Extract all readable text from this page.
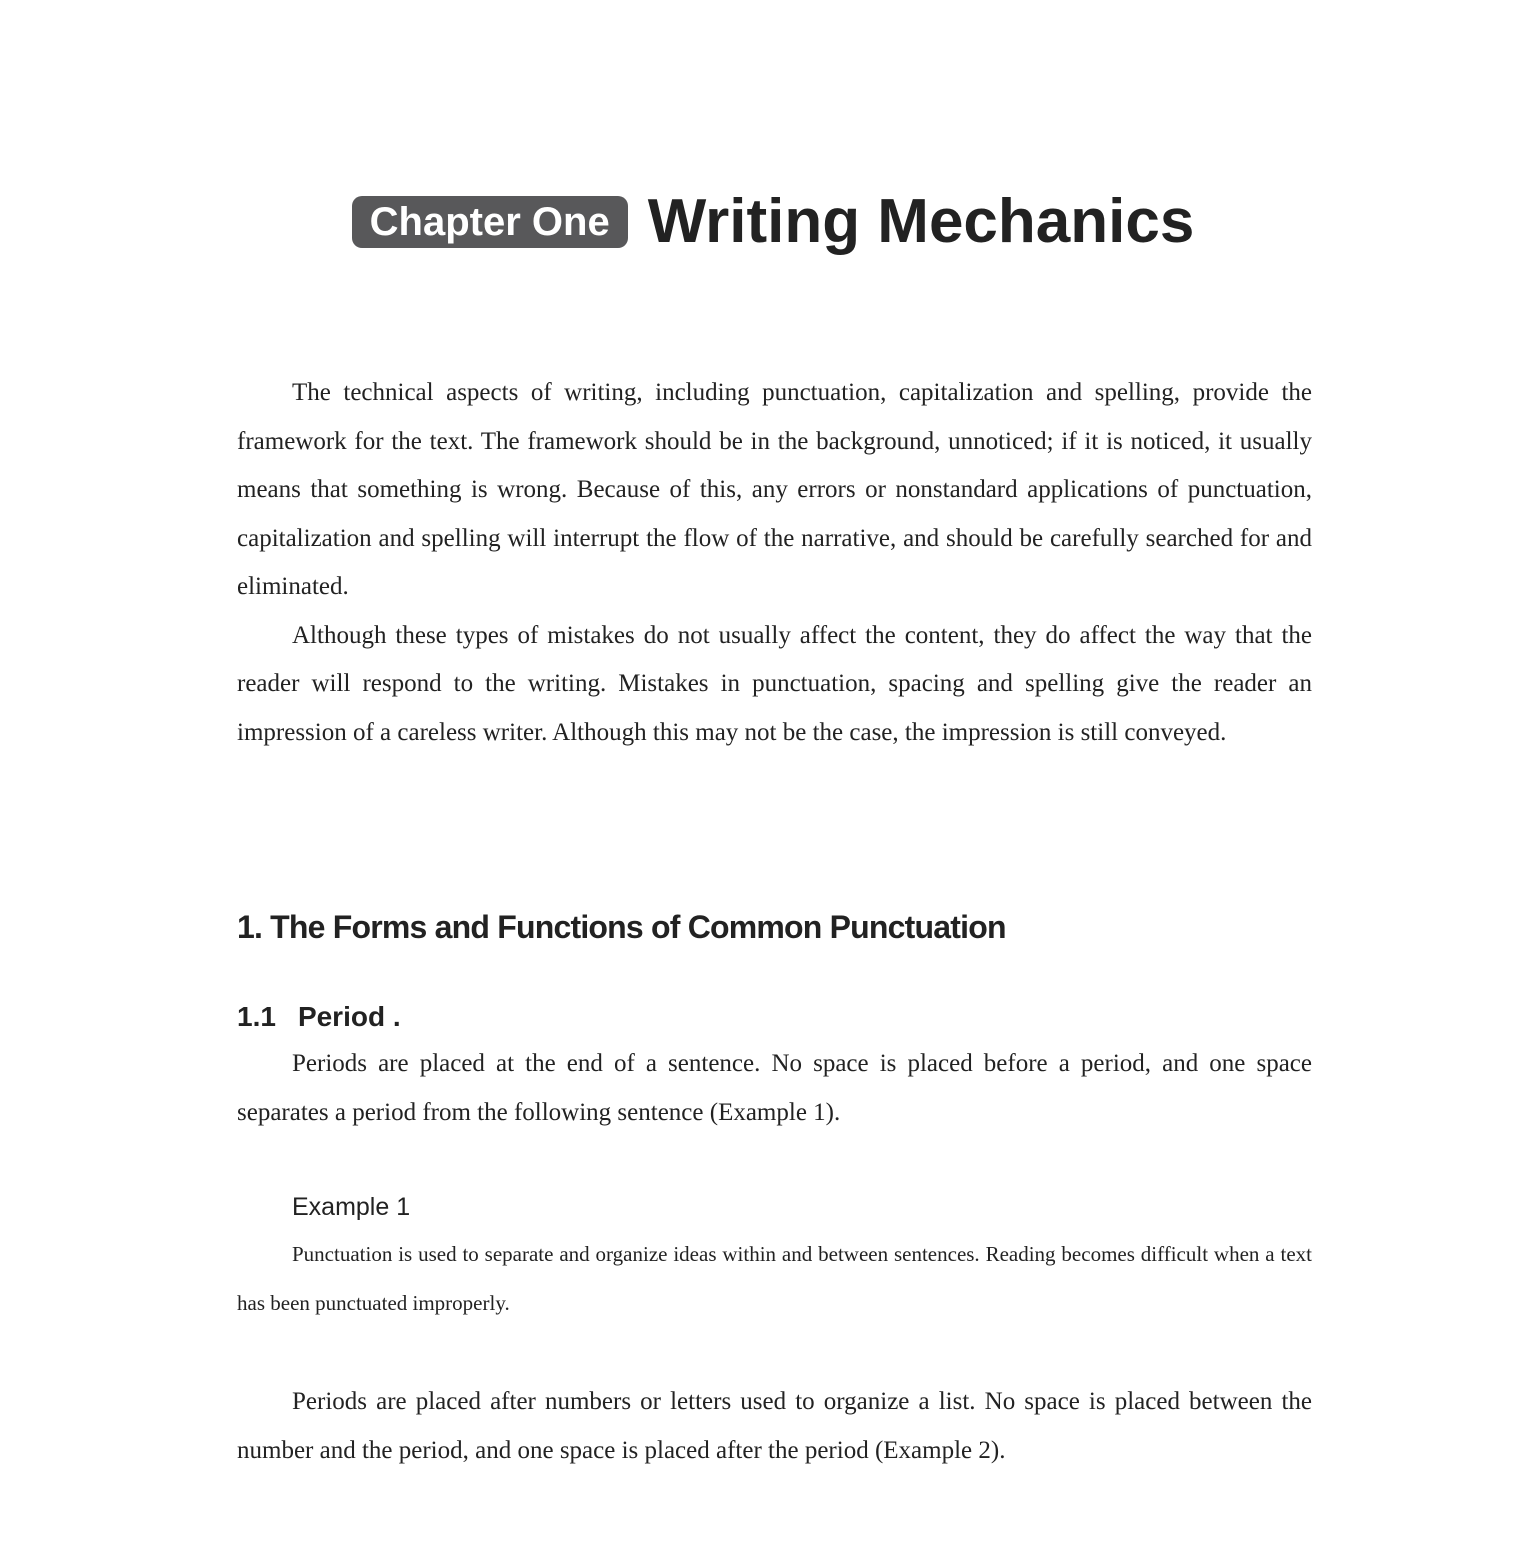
Chapter One Writing Mechanics

The technical aspects of writing, including punctuation, capitalization and spelling, provide the framework for the text. The framework should be in the background, unnoticed; if it is noticed, it usually means that something is wrong. Because of this, any errors or nonstandard applications of punctuation, capitalization and spelling will interrupt the flow of the narrative, and should be carefully searched for and eliminated.

Although these types of mistakes do not usually affect the content, they do affect the way that the reader will respond to the writing. Mistakes in punctuation, spacing and spelling give the reader an impression of a careless writer. Although this may not be the case, the impression is still conveyed.

1. The Forms and Functions of Common Punctuation
1.1 Period .

Periods are placed at the end of a sentence. No space is placed before a period, and one space separates a period from the following sentence (Example 1).

Example 1

Punctuation is used to separate and organize ideas within and between sentences. Reading becomes difficult when a text has been punctuated improperly.

Periods are placed after numbers or letters used to organize a list. No space is placed between the number and the period, and one space is placed after the period (Example 2).
